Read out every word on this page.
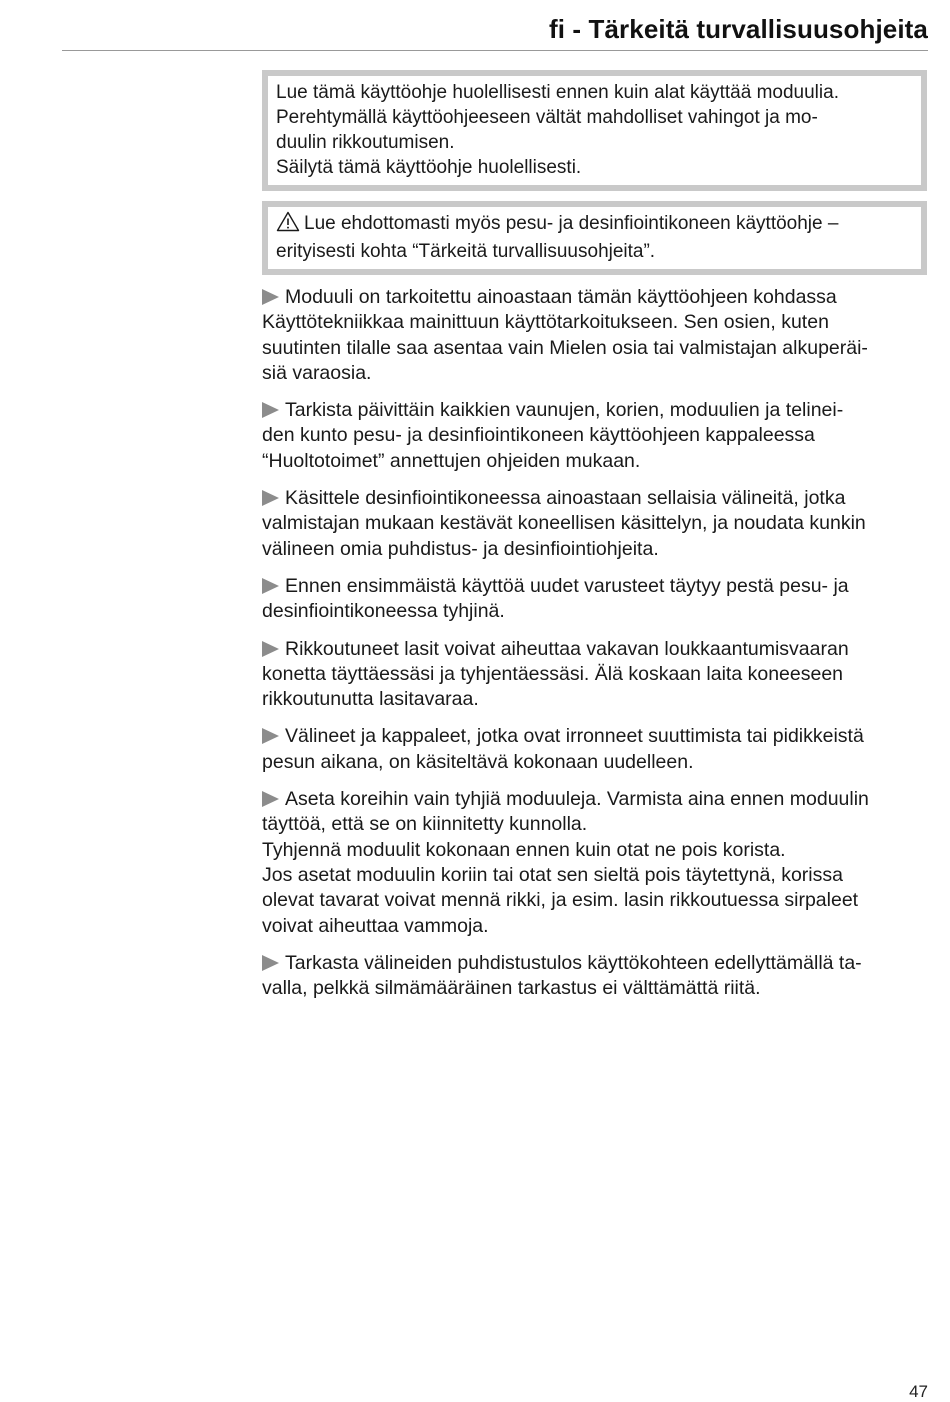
fi - Tärkeitä turvallisuusohjeita

Lue tämä käyttöohje huolellisesti ennen kuin alat käyttää moduulia.

Perehtymällä käyttöohjeeseen vältät mahdolliset vahingot ja mo-

duulin rikkoutumisen.

Säilytä tämä käyttöohje huolellisesti.

Lue ehdottomasti myös pesu- ja desinfiointikoneen käyttöohje –

erityisesti kohta “Tärkeitä turvallisuusohjeita”.

Moduuli on tarkoitettu ainoastaan tämän käyttöohjeen kohdassa
Käyttötekniikkaa mainittuun käyttötarkoitukseen. Sen osien, kuten
suutinten tilalle saa asentaa vain Mielen osia tai valmistajan alkuperäi-
siä varaosia.
Tarkista päivittäin kaikkien vaunujen, korien, moduulien ja telinei-
den kunto pesu- ja desinfiointikoneen käyttöohjeen kappaleessa
“Huoltotoimet” annettujen ohjeiden mukaan.
Käsittele desinfiointikoneessa ainoastaan sellaisia välineitä, jotka
valmistajan mukaan kestävät koneellisen käsittelyn, ja noudata kunkin
välineen omia puhdistus- ja desinfiointiohjeita.
Ennen ensimmäistä käyttöä uudet varusteet täytyy pestä pesu- ja
desinfiointikoneessa tyhjinä.
Rikkoutuneet lasit voivat aiheuttaa vakavan loukkaantumisvaaran
konetta täyttäessäsi ja tyhjentäessäsi. Älä koskaan laita koneeseen
rikkoutunutta lasitavaraa.
Välineet ja kappaleet, jotka ovat irronneet suuttimista tai pidikkeistä
pesun aikana, on käsiteltävä kokonaan uudelleen.
Aseta koreihin vain tyhjiä moduuleja. Varmista aina ennen moduulin
täyttöä, että se on kiinnitetty kunnolla.
Tyhjennä moduulit kokonaan ennen kuin otat ne pois korista.
Jos asetat moduulin koriin tai otat sen sieltä pois täytettynä, korissa
olevat tavarat voivat mennä rikki, ja esim. lasin rikkoutuessa sirpaleet
voivat aiheuttaa vammoja.
Tarkasta välineiden puhdistustulos käyttökohteen edellyttämällä ta-
valla, pelkkä silmämääräinen tarkastus ei välttämättä riitä.
47
